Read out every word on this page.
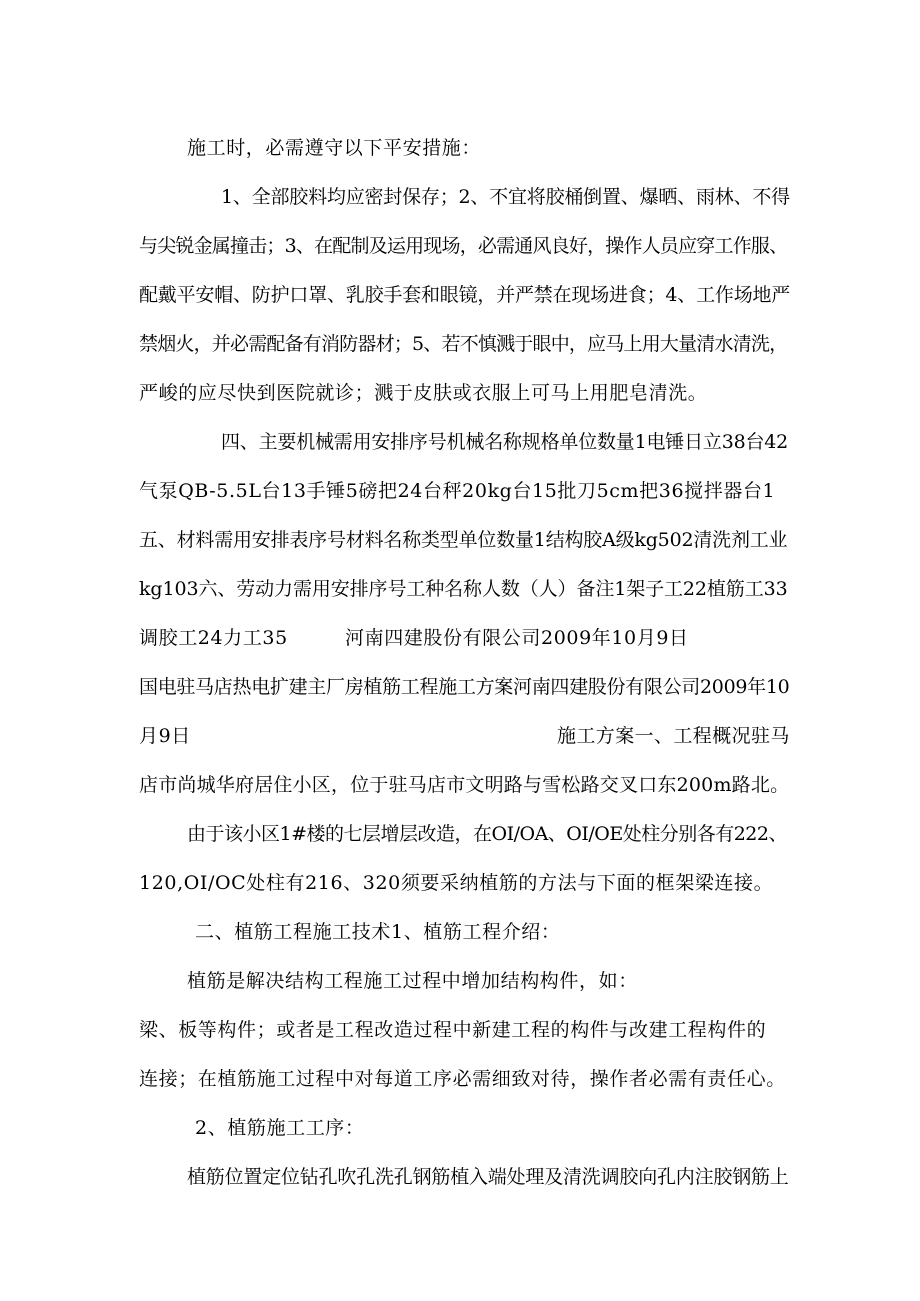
施工时，必需遵守以下平安措施：
1、全部胶料均应密封保存；2、不宜将胶桶倒置、爆晒、雨林、不得
与尖锐金属撞击；3、在配制及运用现场，必需通风良好，操作人员应穿工作服、
配戴平安帽、防护口罩、乳胶手套和眼镜，并严禁在现场进食；4、工作场地严
禁烟火，并必需配备有消防器材；5、若不慎溅于眼中，应马上用大量清水清洗，
严峻的应尽快到医院就诊；溅于皮肤或衣服上可马上用肥皂清洗。
四、主要机械需用安排序号机械名称规格单位数量1电锤日立38台42
气泵QB-5.5L台13手锤5磅把24台秤20kg台15批刀5cm把36搅拌器台1
五、材料需用安排表序号材料名称类型单位数量1结构胶A级kg502清洗剂工业
kg103六、劳动力需用安排序号工种名称人数（人）备注1架子工22植筋工33
调胶工24力工35	河南四建股份有限公司2009年10月9日
国电驻马店热电扩建主厂房植筋工程施工方案河南四建股份有限公司2009年10
月9日	施工方案一、工程概况驻马
店市尚城华府居住小区，位于驻马店市文明路与雪松路交叉口东200m路北。
由于该小区1#楼的七层增层改造，在OI/OA、OI/OE处柱分别各有222、
120,OI/OC处柱有216、320须要采纳植筋的方法与下面的框架梁连接。
二、植筋工程施工技术1、植筋工程介绍：
植筋是解决结构工程施工过程中增加结构构件，如：
梁、板等构件；或者是工程改造过程中新建工程的构件与改建工程构件的
连接；在植筋施工过程中对每道工序必需细致对待，操作者必需有责任心。
2、植筋施工工序：
植筋位置定位钻孔吹孔洗孔钢筋植入端处理及清洗调胶向孔内注胶钢筋上
